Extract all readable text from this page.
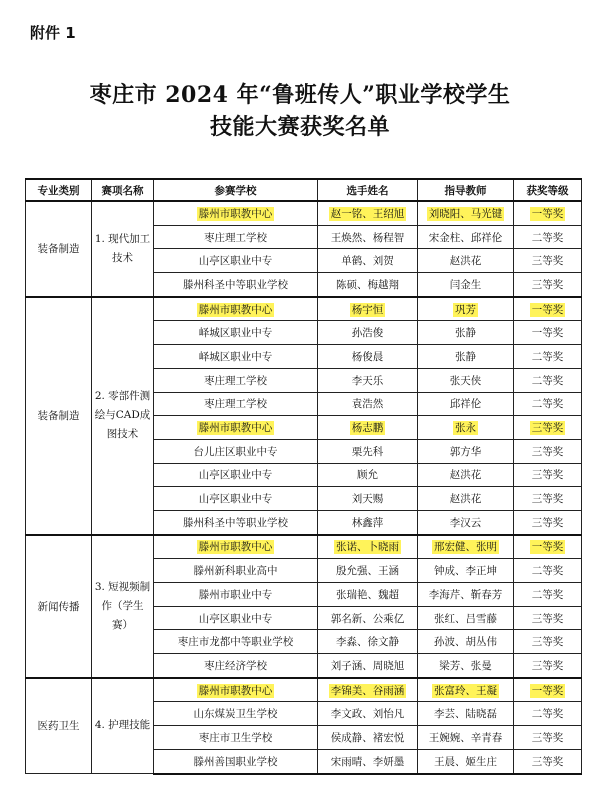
附件 1
枣庄市 2024 年“鲁班传人”职业学校学生
技能大赛获奖名单
专业类别	赛项名称	参赛学校	选手姓名	指导教师	获奖等级
装备制造	1. 现代加工技术	滕州市职教中心	赵一铭、王绍旭	刘晓阳、马光键	一等奖
		枣庄理工学校	王焕然、杨程智	宋金柱、邱祥伦	二等奖
		山亭区职业中专	单鹤、刘贺	赵洪花	三等奖
		滕州科圣中等职业学校	陈硕、梅越翔	闫金生	三等奖
装备制造	2. 零部件测绘与CAD成图技术	滕州市职教中心	杨宇恒	巩芳	一等奖
		峄城区职业中专	孙浩俊	张静	一等奖
		峄城区职业中专	杨俊晨	张静	二等奖
		枣庄理工学校	李天乐	张天侠	二等奖
		枣庄理工学校	袁浩然	邱祥伦	二等奖
		滕州市职教中心	杨志鹏	张永	三等奖
		台儿庄区职业中专	栗先科	郭方华	三等奖
		山亭区职业中专	顾允	赵洪花	三等奖
		山亭区职业中专	刘天赐	赵洪花	三等奖
		滕州科圣中等职业学校	林鑫萍	李汉云	三等奖
新闻传播	3. 短视频制作（学生赛）	滕州市职教中心	张诺、卜晓雨	邢宏健、张明	一等奖
		滕州新科职业高中	殷允强、王涵	钟成、李正坤	二等奖
		滕州市职业中专	张瑞艳、魏超	李海芹、靳春芳	二等奖
		山亭区职业中专	郭名新、公乘亿	张红、吕雪藤	三等奖
		枣庄市龙都中等职业学校	李淼、徐文静	孙波、胡丛伟	三等奖
		枣庄经济学校	刘子涵、周晓旭	梁芳、张曼	三等奖
医药卫生	4. 护理技能	滕州市职教中心	李锦美、谷雨涵	张富玲、王凝	一等奖
		山东煤炭卫生学校	李文政、刘怡凡	李芸、陆晓磊	二等奖
		枣庄市卫生学校	侯成静、褚宏悦	王婉婉、辛青春	三等奖
		滕州善国职业学校	宋雨晴、李妍墨	王晨、姬生庄	三等奖
